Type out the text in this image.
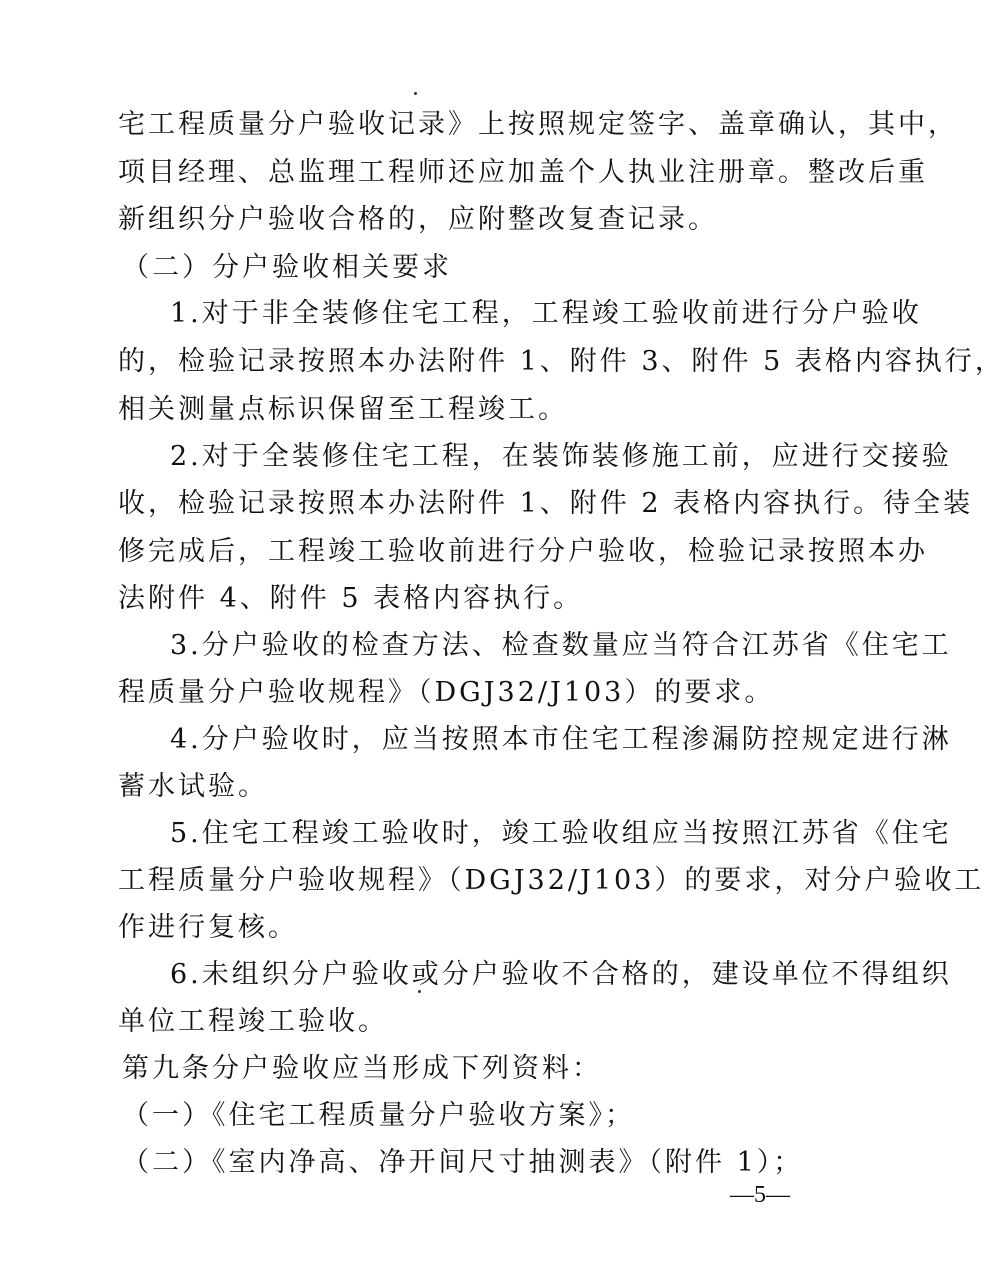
宅工程质量分户验收记录》上按照规定签字、盖章确认，其中，
项目经理、总监理工程师还应加盖个人执业注册章。整改后重
新组织分户验收合格的，应附整改复查记录。
（二）分户验收相关要求
1.对于非全装修住宅工程，工程竣工验收前进行分户验收
的，检验记录按照本办法附件 1、附件 3、附件 5 表格内容执行，
相关测量点标识保留至工程竣工。
2.对于全装修住宅工程，在装饰装修施工前，应进行交接验
收，检验记录按照本办法附件 1、附件 2 表格内容执行。待全装
修完成后，工程竣工验收前进行分户验收，检验记录按照本办
法附件 4、附件 5 表格内容执行。
3.分户验收的检查方法、检查数量应当符合江苏省《住宅工
程质量分户验收规程》（DGJ32/J103）的要求。
4.分户验收时，应当按照本市住宅工程渗漏防控规定进行淋
蓄水试验。
5.住宅工程竣工验收时，竣工验收组应当按照江苏省《住宅
工程质量分户验收规程》（DGJ32/J103）的要求，对分户验收工
作进行复核。
6.未组织分户验收或分户验收不合格的，建设单位不得组织
单位工程竣工验收。
第九条分户验收应当形成下列资料：
（一）《住宅工程质量分户验收方案》；
（二）《室内净高、净开间尺寸抽测表》（附件 1）；
—5—
